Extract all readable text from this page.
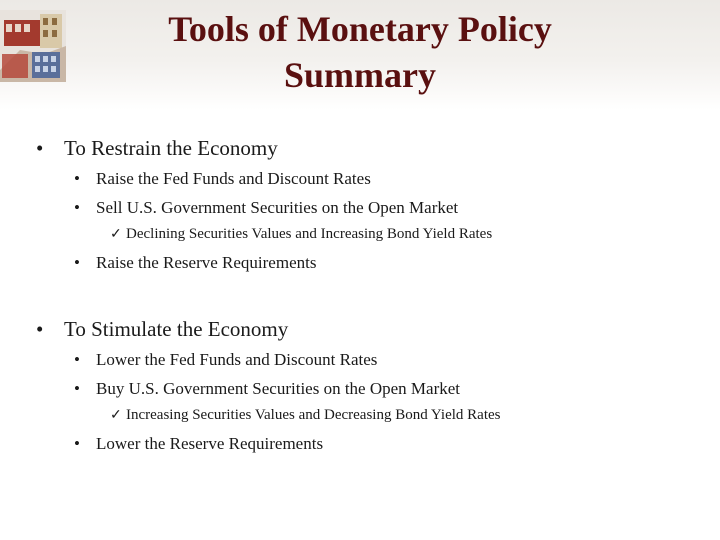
Tools of Monetary Policy
Summary
• To Restrain the Economy
• Raise the Fed Funds and Discount Rates
• Sell U.S. Government Securities on the Open Market
✓ Declining Securities Values and Increasing Bond Yield Rates
• Raise the Reserve Requirements
• To Stimulate the Economy
• Lower the Fed Funds and Discount Rates
• Buy U.S. Government Securities on the Open Market
✓ Increasing Securities Values and Decreasing Bond Yield Rates
• Lower the Reserve Requirements
